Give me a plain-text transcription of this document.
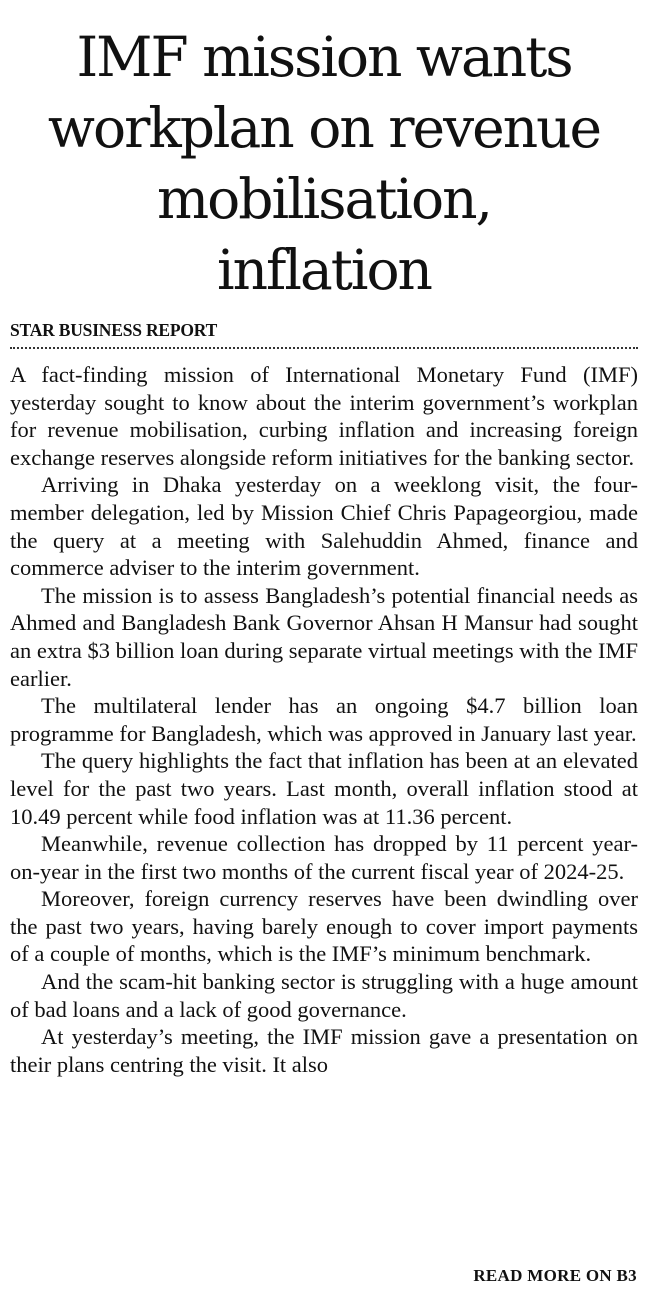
IMF mission wants
workplan on revenue
mobilisation,
inflation
STAR BUSINESS REPORT

A fact-finding mission of International Monetary Fund (IMF) yesterday sought to know about the interim government’s workplan for revenue mobilisation, curbing inflation and increasing foreign exchange reserves alongside reform initiatives for the banking sector.

Arriving in Dhaka yesterday on a weeklong visit, the four-member delegation, led by Mission Chief Chris Papageorgiou, made the query at a meeting with Salehuddin Ahmed, finance and commerce adviser to the interim government.

The mission is to assess Bangladesh’s potential financial needs as Ahmed and Bangladesh Bank Governor Ahsan H Mansur had sought an extra $3 billion loan during separate virtual meetings with the IMF earlier.

The multilateral lender has an ongoing $4.7 billion loan programme for Bangladesh, which was approved in January last year.

The query highlights the fact that inflation has been at an elevated level for the past two years. Last month, overall inflation stood at 10.49 percent while food inflation was at 11.36 percent.

Meanwhile, revenue collection has dropped by 11 percent year-on-year in the first two months of the current fiscal year of 2024-25.

Moreover, foreign currency reserves have been dwindling over the past two years, having barely enough to cover import payments of a couple of months, which is the IMF’s minimum benchmark.

And the scam-hit banking sector is struggling with a huge amount of bad loans and a lack of good governance.

At yesterday’s meeting, the IMF mission gave a presentation on their plans centring the visit. It also

READ MORE ON B3
